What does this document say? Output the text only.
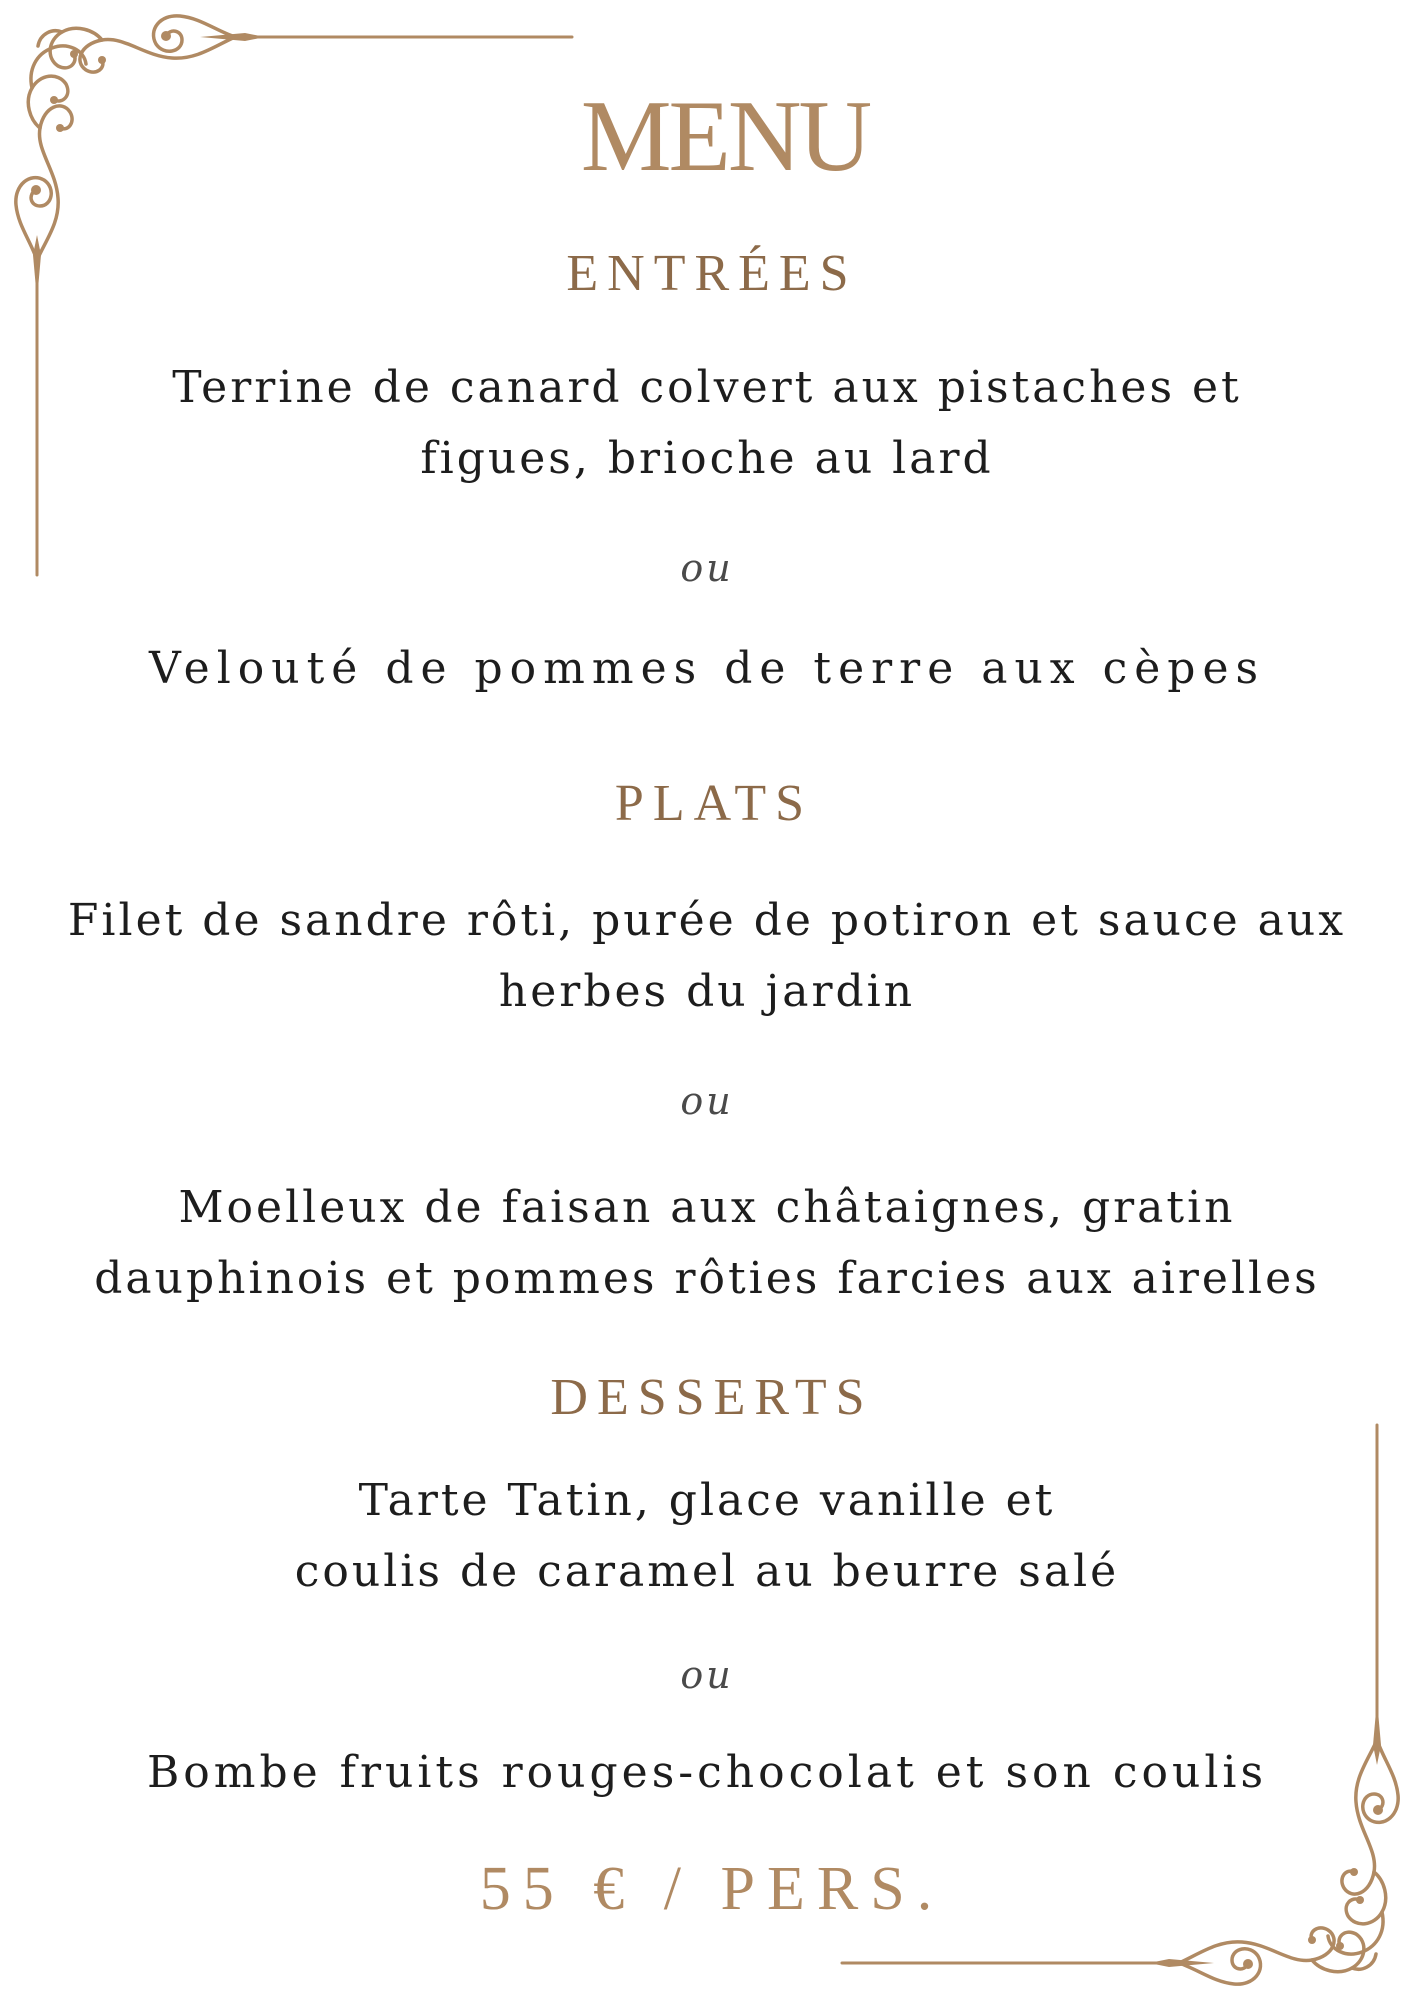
MENU
ENTRÉES
Terrine de canard colvert aux pistaches et
figues, brioche au lard
ou
Velouté de pommes de terre aux cèpes
PLATS
Filet de sandre rôti, purée de potiron et sauce aux
herbes du jardin
ou
Moelleux de faisan aux châtaignes, gratin
dauphinois et pommes rôties farcies aux airelles
DESSERTS
Tarte Tatin, glace vanille et
coulis de caramel au beurre salé
ou
Bombe fruits rouges-chocolat et son coulis
55 € / PERS.
